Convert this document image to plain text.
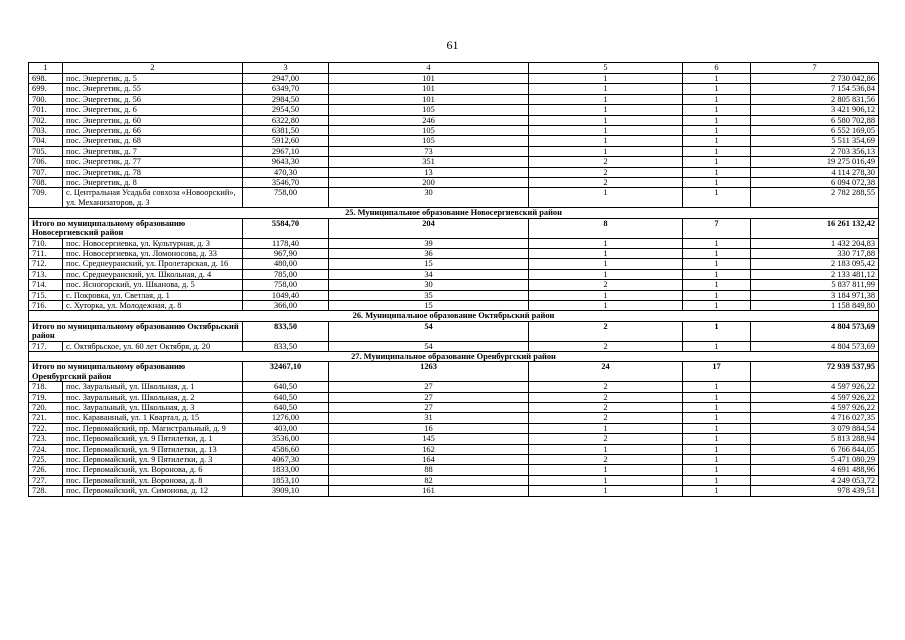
61
1	2	3	4	5	6	7
698.	пос. Энергетик, д. 5	2947,00	101	1	1	2 730 042,86
699.	пос. Энергетик, д. 55	6349,70	101	1	1	7 154 536,84
700.	пос. Энергетик, д. 56	2984,50	101	1	1	2 805 831,56
701.	пос. Энергетик, д. 6	2954,50	105	1	1	3 421 906,12
702.	пос. Энергетик, д. 60	6322,80	246	1	1	6 580 702,88
703.	пос. Энергетик, д. 66	6381,50	105	1	1	6 552 169,05
704.	пос. Энергетик, д. 68	5912,60	105	1	1	5 511 354,69
705.	пос. Энергетик, д. 7	2967,10	73	1	1	2 703 356,13
706.	пос. Энергетик, д. 77	9643,30	351	2	1	19 275 016,49
707.	пос. Энергетик, д. 78	470,30	13	2	1	4 114 278,30
708.	пос. Энергетик, д. 8	3546,70	200	2	1	6 094 072,38
709.	с. Центральная Усадьба совхоза «Новоорский», ул. Механизаторов, д. 3	758,00	30	1	1	2 782 288,55
25. Муниципальное образование Новосергиевский район						
Итого по муниципальному образованию Новосергиевский район		5584,70	204	8	7	16 261 132,42
710.	пос. Новосергиевка, ул. Культурная, д. 3	1178,40	39	1	1	1 432 204,83
711.	пос. Новосергиевка, ул. Ломоносова, д. 33	967,90	36	1	1	330 717,88
712.	пос. Среднеуранский, ул. Пролетарская, д. 16	480,00	15	1	1	2 183 095,42
713.	пос. Среднеуранский, ул. Школьная, д. 4	785,00	34	1	1	2 133 481,12
714.	пос. Ясногорский, ул. Шканова, д. 5	758,00	30	2	1	5 837 811,99
715.	с. Покровка, ул. Светлая, д. 1	1049,40	35	1	1	3 184 971,38
716.	с. Хуторка, ул. Молодежная, д. 8	366,00	15	1	1	1 158 849,80
26. Муниципальное образование Октябрьский район						
Итого по муниципальному образованию Октябрьский район		833,50	54	2	1	4 804 573,69
717.	с. Октябрьское, ул. 60 лет Октября, д. 20	833,50	54	2	1	4 804 573,69
27. Муниципальное образование Оренбургский район						
Итого по муниципальному образованию Оренбургский район		32467,10	1263	24	17	72 939 537,95
718.	пос. Зауральный, ул. Школьная, д. 1	640,50	27	2	1	4 597 926,22
719.	пос. Зауральный, ул. Школьная, д. 2	640,50	27	2	1	4 597 926,22
720.	пос. Зауральный, ул. Школьная, д. 3	640,50	27	2	1	4 597 926,22
721.	пос. Караванный, ул. 1 Квартал, д. 15	1276,00	31	2	1	4 716 027,35
722.	пос. Первомайский, пр. Магистральный, д. 9	403,00	16	1	1	3 079 884,54
723.	пос. Первомайский, ул. 9 Пятилетки, д. 1	3536,00	145	2	1	5 813 288,94
724.	пос. Первомайский, ул. 9 Пятилетки, д. 13	4586,60	162	1	1	6 766 844,05
725.	пос. Первомайский, ул. 9 Пятилетки, д. 3	4067,30	164	2	1	5 471 080,29
726.	пос. Первомайский, ул. Воронова, д. 6	1833,00	88	1	1	4 691 488,96
727.	пос. Первомайский, ул. Воронова, д. 8	1853,10	82	1	1	4 249 053,72
728.	пос. Первомайский, ул. Симонова, д. 12	3909,10	161	1	1	978 439,51
